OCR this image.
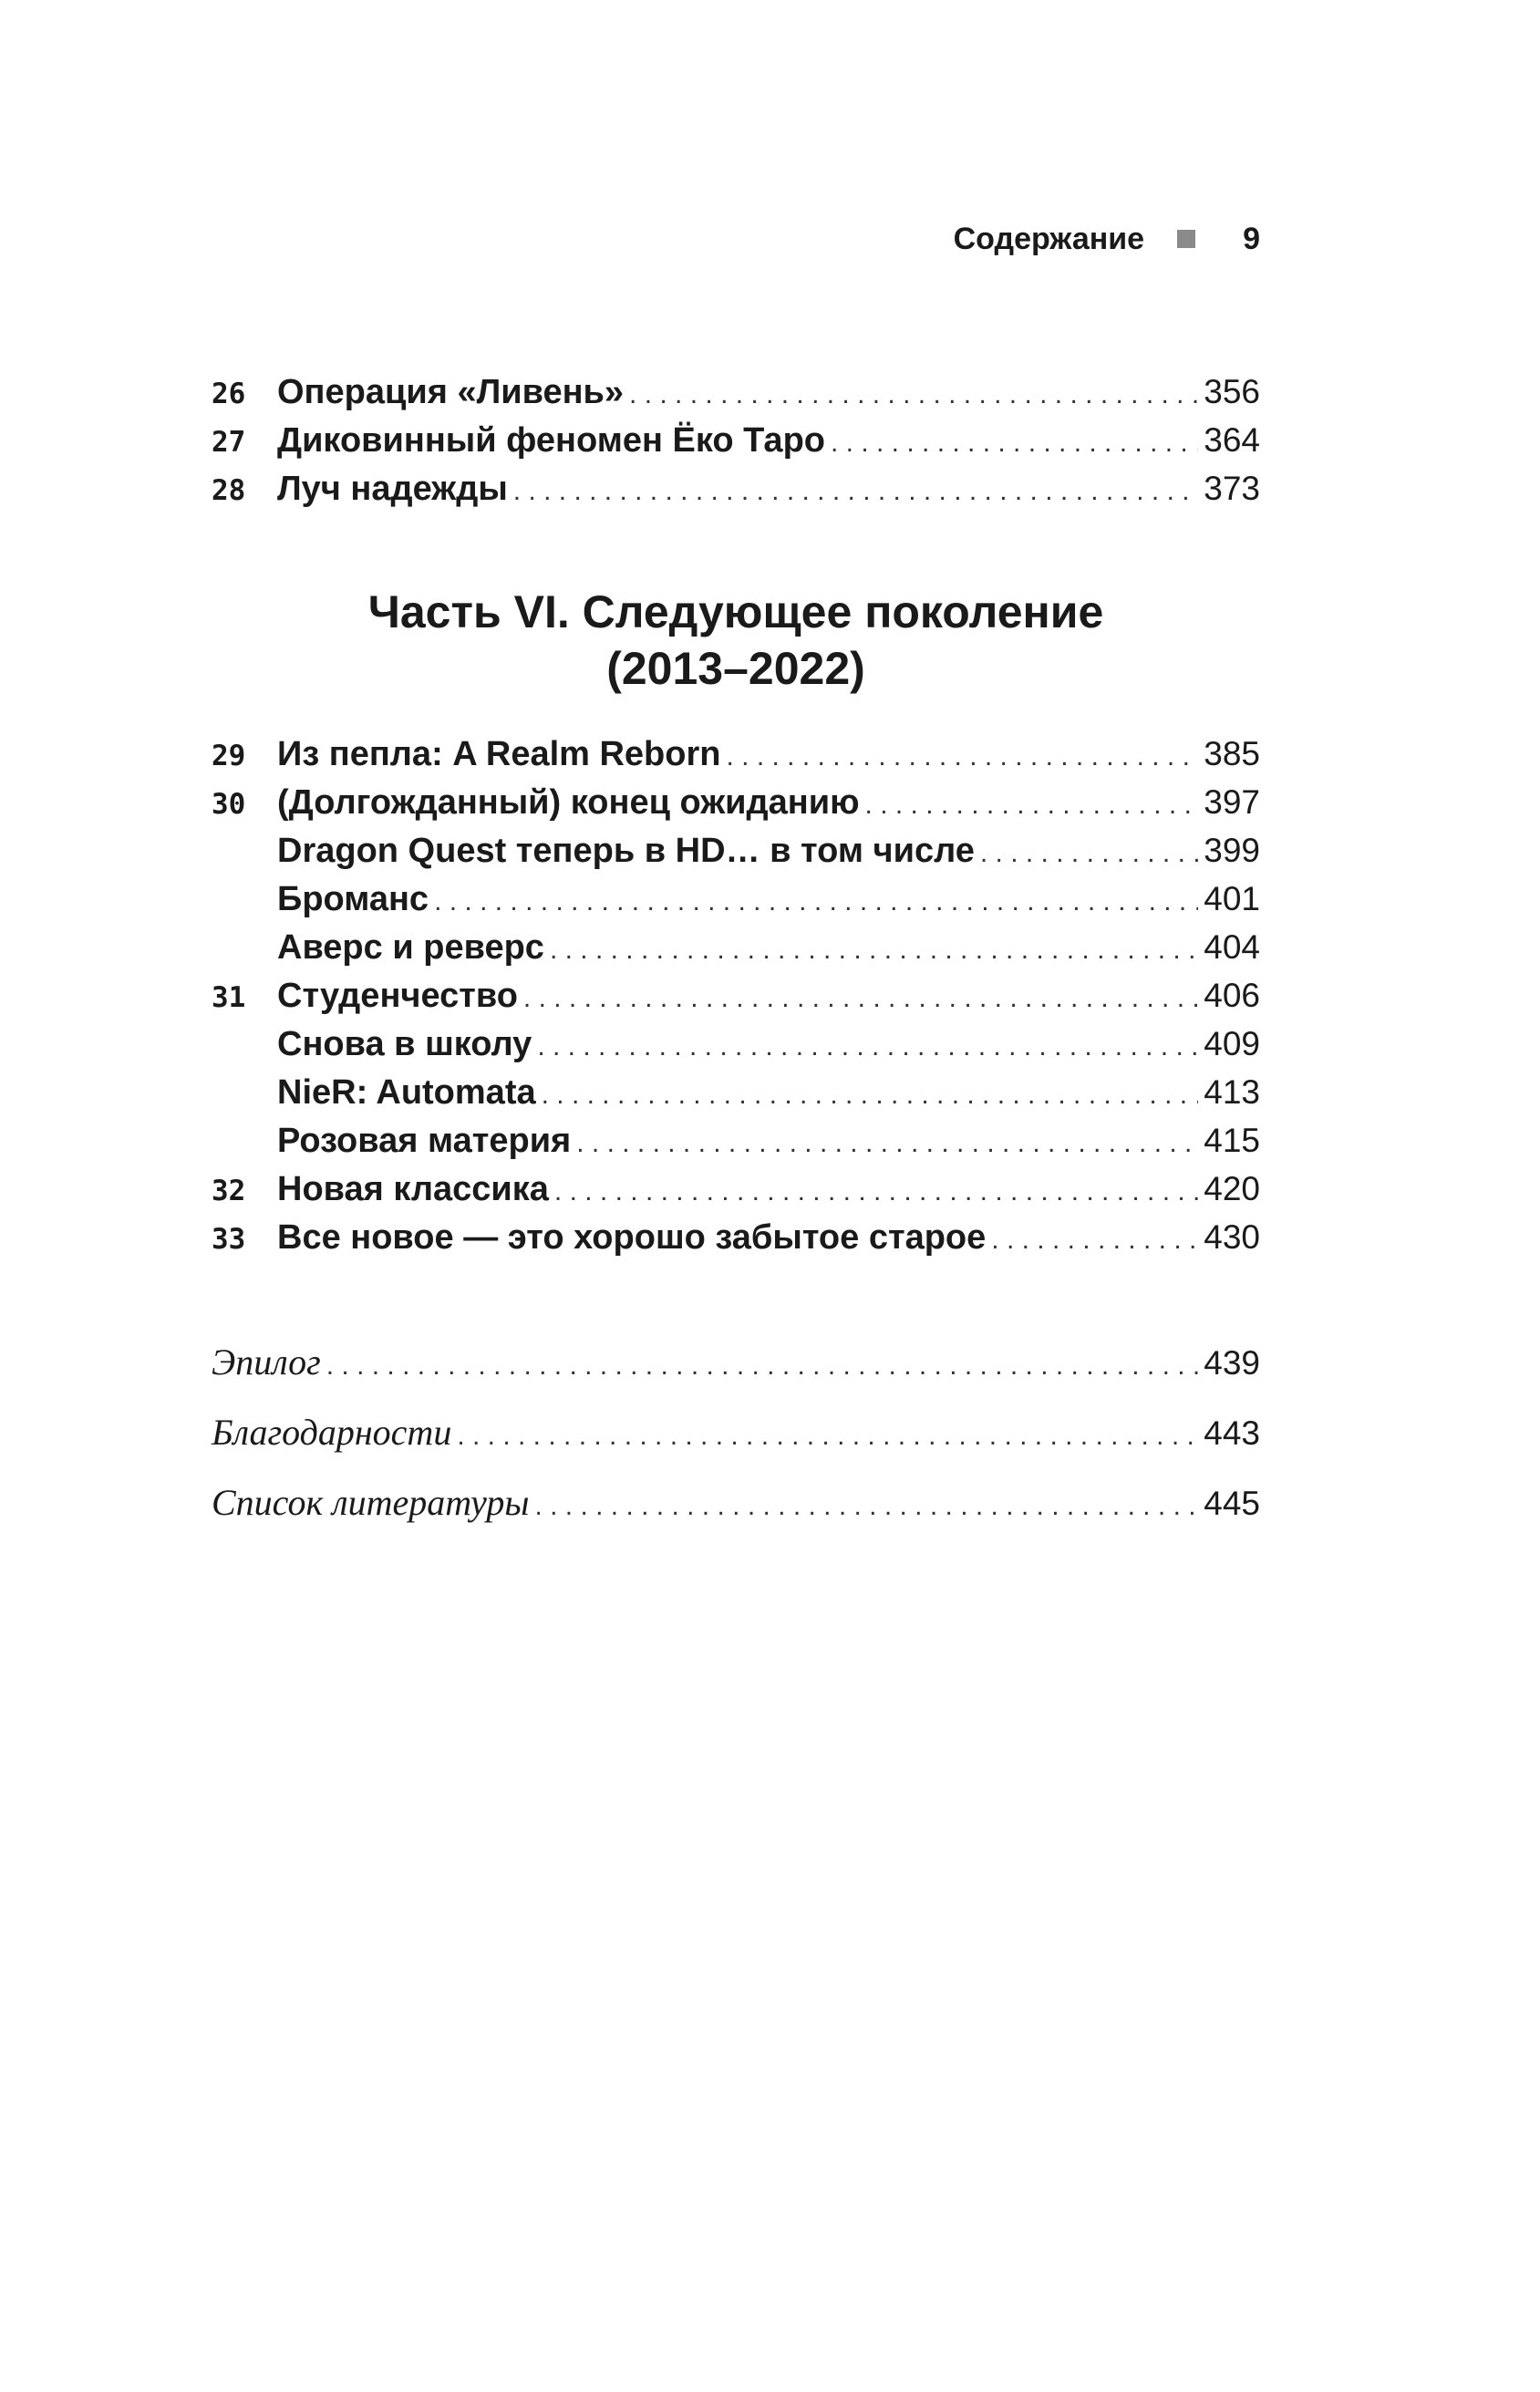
Содержание	9
26 Операция «Ливень» . . .	356
27 Диковинный феномен Ёко Таро . . .	364
28 Луч надежды . . .	373
Часть VI. Следующее поколение
(2013–2022)
29 Из пепла: A Realm Reborn . . .	385
30 (Долгожданный) конец ожиданию . . .	397
Dragon Quest теперь в HD… в том числе . . .	399
Броманс . . .	401
Аверс и реверс . . .	404
31 Студенчество . . .	406
Снова в школу . . .	409
NieR: Automata . . .	413
Розовая материя . . .	415
32 Новая классика . . .	420
33 Все новое — это хорошо забытое старое . . .	430
Эпилог . . .	439
Благодарности . . .	443
Список литературы . . .	445
